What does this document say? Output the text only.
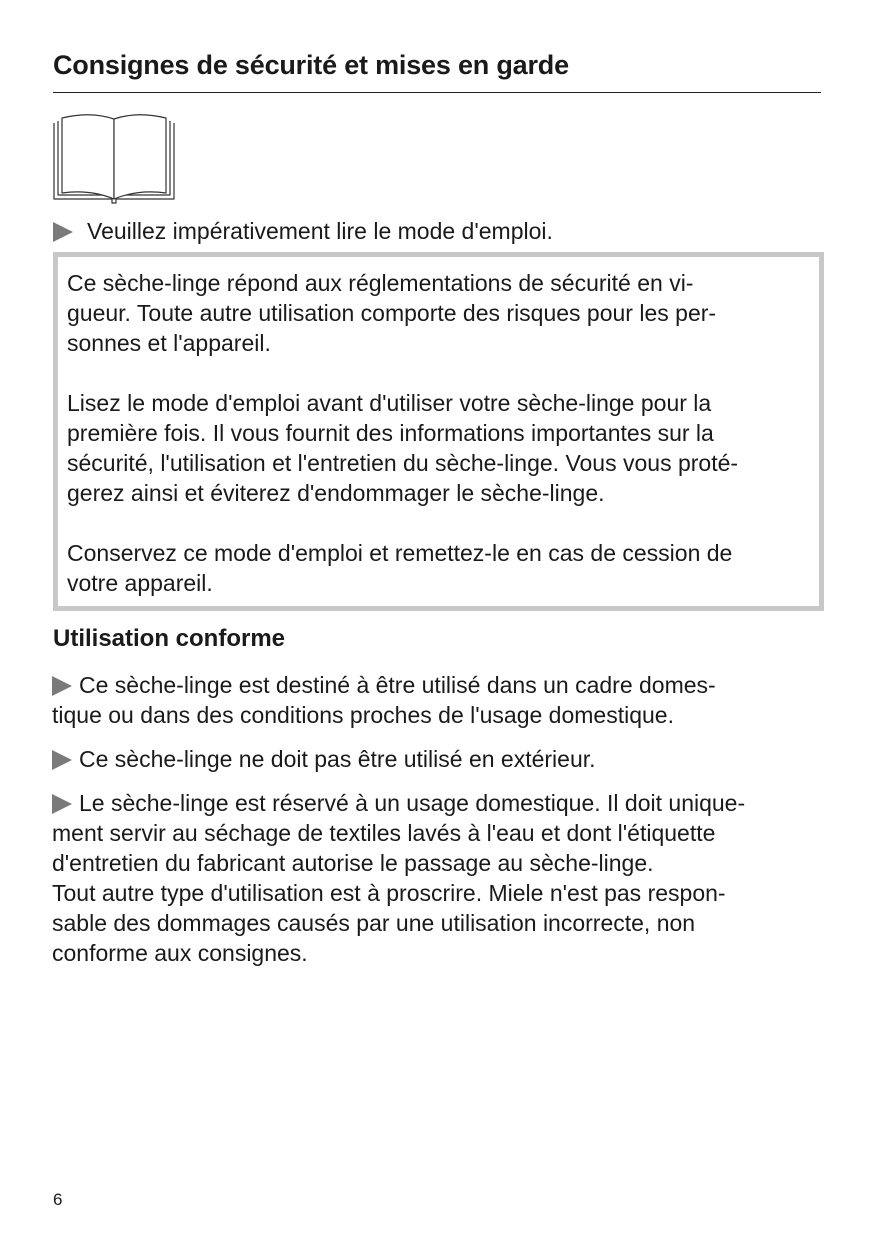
Consignes de sécurité et mises en garde

Veuillez impérativement lire le mode d'emploi.

Ce sèche-linge répond aux réglementations de sécurité en vi-

gueur. Toute autre utilisation comporte des risques pour les per-

sonnes et l'appareil.

Lisez le mode d'emploi avant d'utiliser votre sèche-linge pour la

première fois. Il vous fournit des informations importantes sur la

sécurité, l'utilisation et l'entretien du sèche-linge. Vous vous proté-

gerez ainsi et éviterez d'endommager le sèche-linge.

Conservez ce mode d'emploi et remettez-le en cas de cession de

votre appareil.

Utilisation conforme

Ce sèche-linge est destiné à être utilisé dans un cadre domes-

tique ou dans des conditions proches de l'usage domestique.

Ce sèche-linge ne doit pas être utilisé en extérieur.

Le sèche-linge est réservé à un usage domestique. Il doit unique-

ment servir au séchage de textiles lavés à l'eau et dont l'étiquette

d'entretien du fabricant autorise le passage au sèche-linge.

Tout autre type d'utilisation est à proscrire. Miele n'est pas respon-

sable des dommages causés par une utilisation incorrecte, non

conforme aux consignes.

6
